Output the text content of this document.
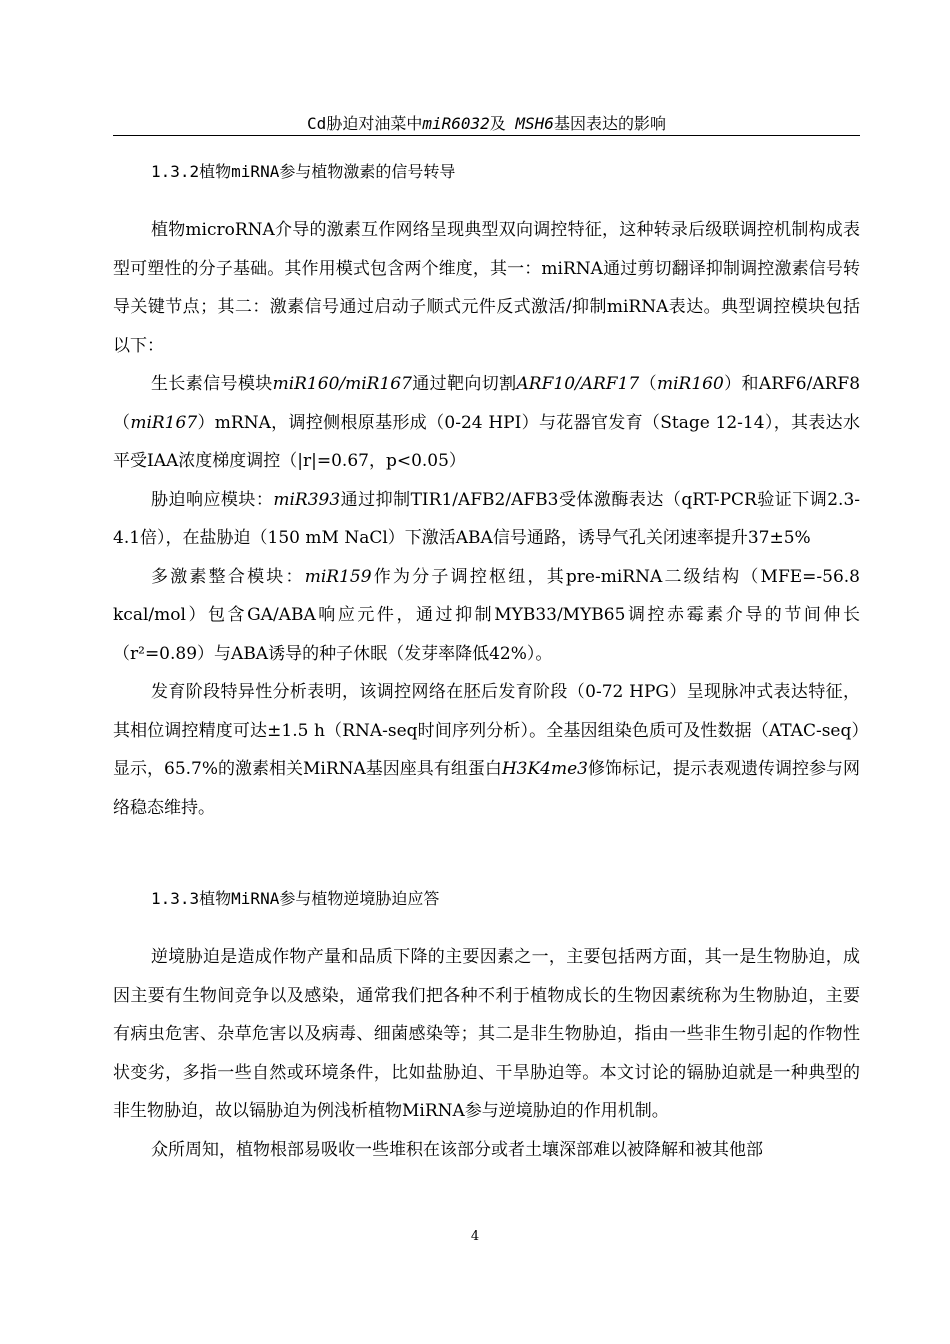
Cd胁迫对油菜中miR6032及 MSH6基因表达的影响
1.3.2植物miRNA参与植物激素的信号转导

植物microRNA介导的激素互作网络呈现典型双向调控特征，这种转录后级联调控机制构成表型可塑性的分子基础。其作用模式包含两个维度，其一：miRNA通过剪切翻译抑制调控激素信号转导关键节点；其二：激素信号通过启动子顺式元件反式激活/抑制miRNA表达。典型调控模块包括以下：

生长素信号模块miR160/miR167通过靶向切割ARF10/ARF17（miR160）和ARF6/ARF8（miR167）mRNA，调控侧根原基形成（0-24 HPI）与花器官发育（Stage 12-14），其表达水平受IAA浓度梯度调控（|r|=0.67，p<0.05）

胁迫响应模块：miR393通过抑制TIR1/AFB2/AFB3受体激酶表达（qRT-PCR验证下调2.3-4.1倍），在盐胁迫（150 mM NaCl）下激活ABA信号通路，诱导气孔关闭速率提升37±5%

多激素整合模块：miR159作为分子调控枢纽，其pre-miRNA二级结构（MFE=-56.8 kcal/mol）包含GA/ABA响应元件，通过抑制MYB33/MYB65调控赤霉素介导的节间伸长（r²=0.89）与ABA诱导的种子休眠（发芽率降低42%）。

发育阶段特异性分析表明，该调控网络在胚后发育阶段（0-72 HPG）呈现脉冲式表达特征，其相位调控精度可达±1.5 h（RNA-seq时间序列分析）。全基因组染色质可及性数据（ATAC-seq）显示，65.7%的激素相关MiRNA基因座具有组蛋白H3K4me3修饰标记，提示表观遗传调控参与网络稳态维持。

1.3.3植物MiRNA参与植物逆境胁迫应答

逆境胁迫是造成作物产量和品质下降的主要因素之一，主要包括两方面，其一是生物胁迫，成因主要有生物间竞争以及感染，通常我们把各种不利于植物成长的生物因素统称为生物胁迫，主要有病虫危害、杂草危害以及病毒、细菌感染等；其二是非生物胁迫，指由一些非生物引起的作物性状变劣，多指一些自然或环境条件，比如盐胁迫、干旱胁迫等。本文讨论的镉胁迫就是一种典型的非生物胁迫，故以镉胁迫为例浅析植物MiRNA参与逆境胁迫的作用机制。

众所周知，植物根部易吸收一些堆积在该部分或者土壤深部难以被降解和被其他部

4
